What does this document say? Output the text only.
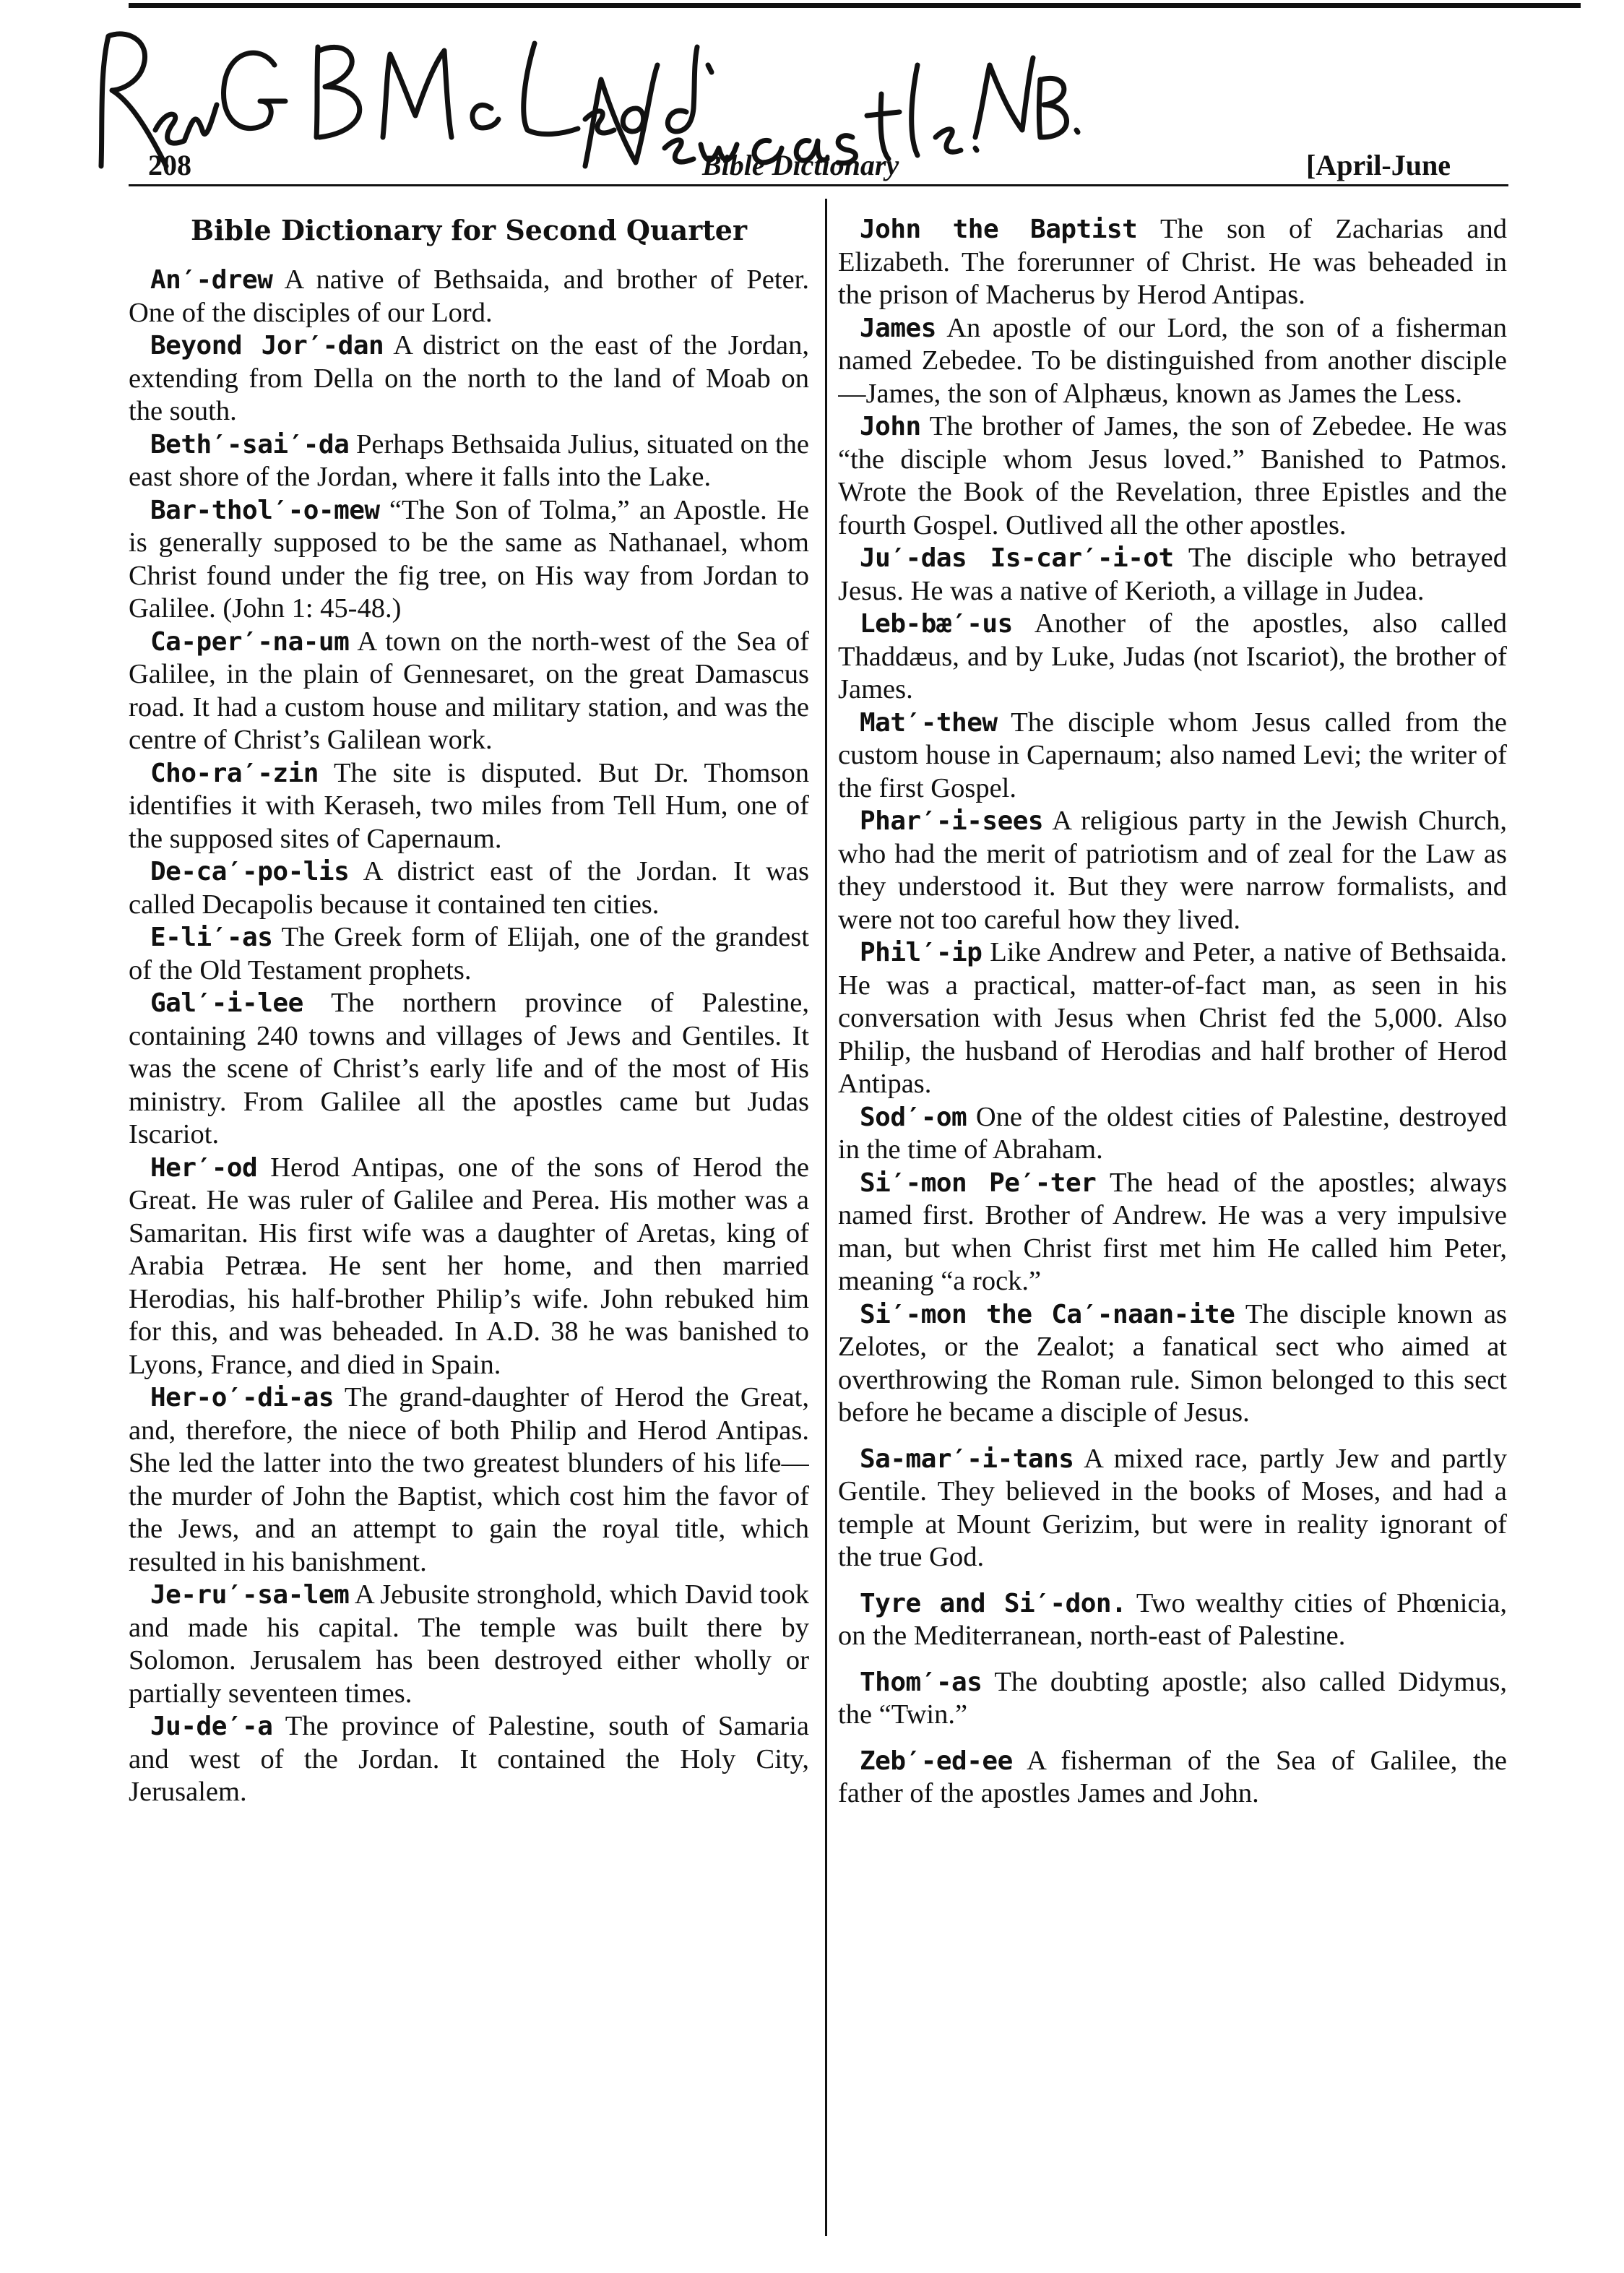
208	Bible Dictionary	[April-June

Bible Dictionary for Second Quarter

An′-drew A native of Bethsaida, and brother of Peter. One of the disciples of our Lord.

Beyond Jor′-dan A district on the east of the Jordan, extending from Della on the north to the land of Moab on the south.

Beth′-sai′-da Perhaps Bethsaida Julius, situated on the east shore of the Jordan, where it falls into the Lake.

Bar-thol′-o-mew “The Son of Tolma,” an Apostle. He is generally supposed to be the same as Nathanael, whom Christ found under the fig tree, on His way from Jordan to Galilee. (John 1: 45-48.)

Ca-per′-na-um A town on the north-west of the Sea of Galilee, in the plain of Gennesaret, on the great Damascus road. It had a custom house and military station, and was the centre of Christ’s Galilean work.

Cho-ra′-zin The site is disputed. But Dr. Thomson identifies it with Keraseh, two miles from Tell Hum, one of the supposed sites of Capernaum.

De-ca′-po-lis A district east of the Jordan. It was called Decapolis because it contained ten cities.

E-li′-as The Greek form of Elijah, one of the grandest of the Old Testament prophets.

Gal′-i-lee The northern province of Palestine, containing 240 towns and villages of Jews and Gentiles. It was the scene of Christ’s early life and of the most of His ministry. From Galilee all the apostles came but Judas Iscariot.

Her′-od Herod Antipas, one of the sons of Herod the Great. He was ruler of Galilee and Perea. His mother was a Samaritan. His first wife was a daughter of Aretas, king of Arabia Petræa. He sent her home, and then married Herodias, his half-brother Philip’s wife. John rebuked him for this, and was beheaded. In A.D. 38 he was banished to Lyons, France, and died in Spain.

Her-o′-di-as The grand-daughter of Herod the Great, and, therefore, the niece of both Philip and Herod Antipas. She led the latter into the two greatest blunders of his life—the murder of John the Baptist, which cost him the favor of the Jews, and an attempt to gain the royal title, which resulted in his banishment.

Je-ru′-sa-lem A Jebusite stronghold, which David took and made his capital. The temple was built there by Solomon. Jerusalem has been destroyed either wholly or partially seventeen times.

Ju-de′-a The province of Palestine, south of Samaria and west of the Jordan. It contained the Holy City, Jerusalem.

John the Baptist The son of Zacharias and Elizabeth. The forerunner of Christ. He was beheaded in the prison of Macherus by Herod Antipas.

James An apostle of our Lord, the son of a fisherman named Zebedee. To be distinguished from another disciple—James, the son of Alphæus, known as James the Less.

John The brother of James, the son of Zebedee. He was “the disciple whom Jesus loved.” Banished to Patmos. Wrote the Book of the Revelation, three Epistles and the fourth Gospel. Outlived all the other apostles.

Ju′-das Is-car′-i-ot The disciple who betrayed Jesus. He was a native of Kerioth, a village in Judea.

Leb-bæ′-us Another of the apostles, also called Thaddæus, and by Luke, Judas (not Iscariot), the brother of James.

Mat′-thew The disciple whom Jesus called from the custom house in Capernaum; also named Levi; the writer of the first Gospel.

Phar′-i-sees A religious party in the Jewish Church, who had the merit of patriotism and of zeal for the Law as they understood it. But they were narrow formalists, and were not too careful how they lived.

Phil′-ip Like Andrew and Peter, a native of Bethsaida. He was a practical, matter-of-fact man, as seen in his conversation with Jesus when Christ fed the 5,000. Also Philip, the husband of Herodias and half brother of Herod Antipas.

Sod′-om One of the oldest cities of Palestine, destroyed in the time of Abraham.

Si′-mon Pe′-ter The head of the apostles; always named first. Brother of Andrew. He was a very impulsive man, but when Christ first met him He called him Peter, meaning “a rock.”

Si′-mon the Ca′-naan-ite The disciple known as Zelotes, or the Zealot; a fanatical sect who aimed at overthrowing the Roman rule. Simon belonged to this sect before he became a disciple of Jesus.

Sa-mar′-i-tans A mixed race, partly Jew and partly Gentile. They believed in the books of Moses, and had a temple at Mount Gerizim, but were in reality ignorant of the true God.

Tyre and Si′-don. Two wealthy cities of Phœnicia, on the Mediterranean, north-east of Palestine.

Thom′-as The doubting apostle; also called Didymus, the “Twin.”

Zeb′-ed-ee A fisherman of the Sea of Galilee, the father of the apostles James and John.
